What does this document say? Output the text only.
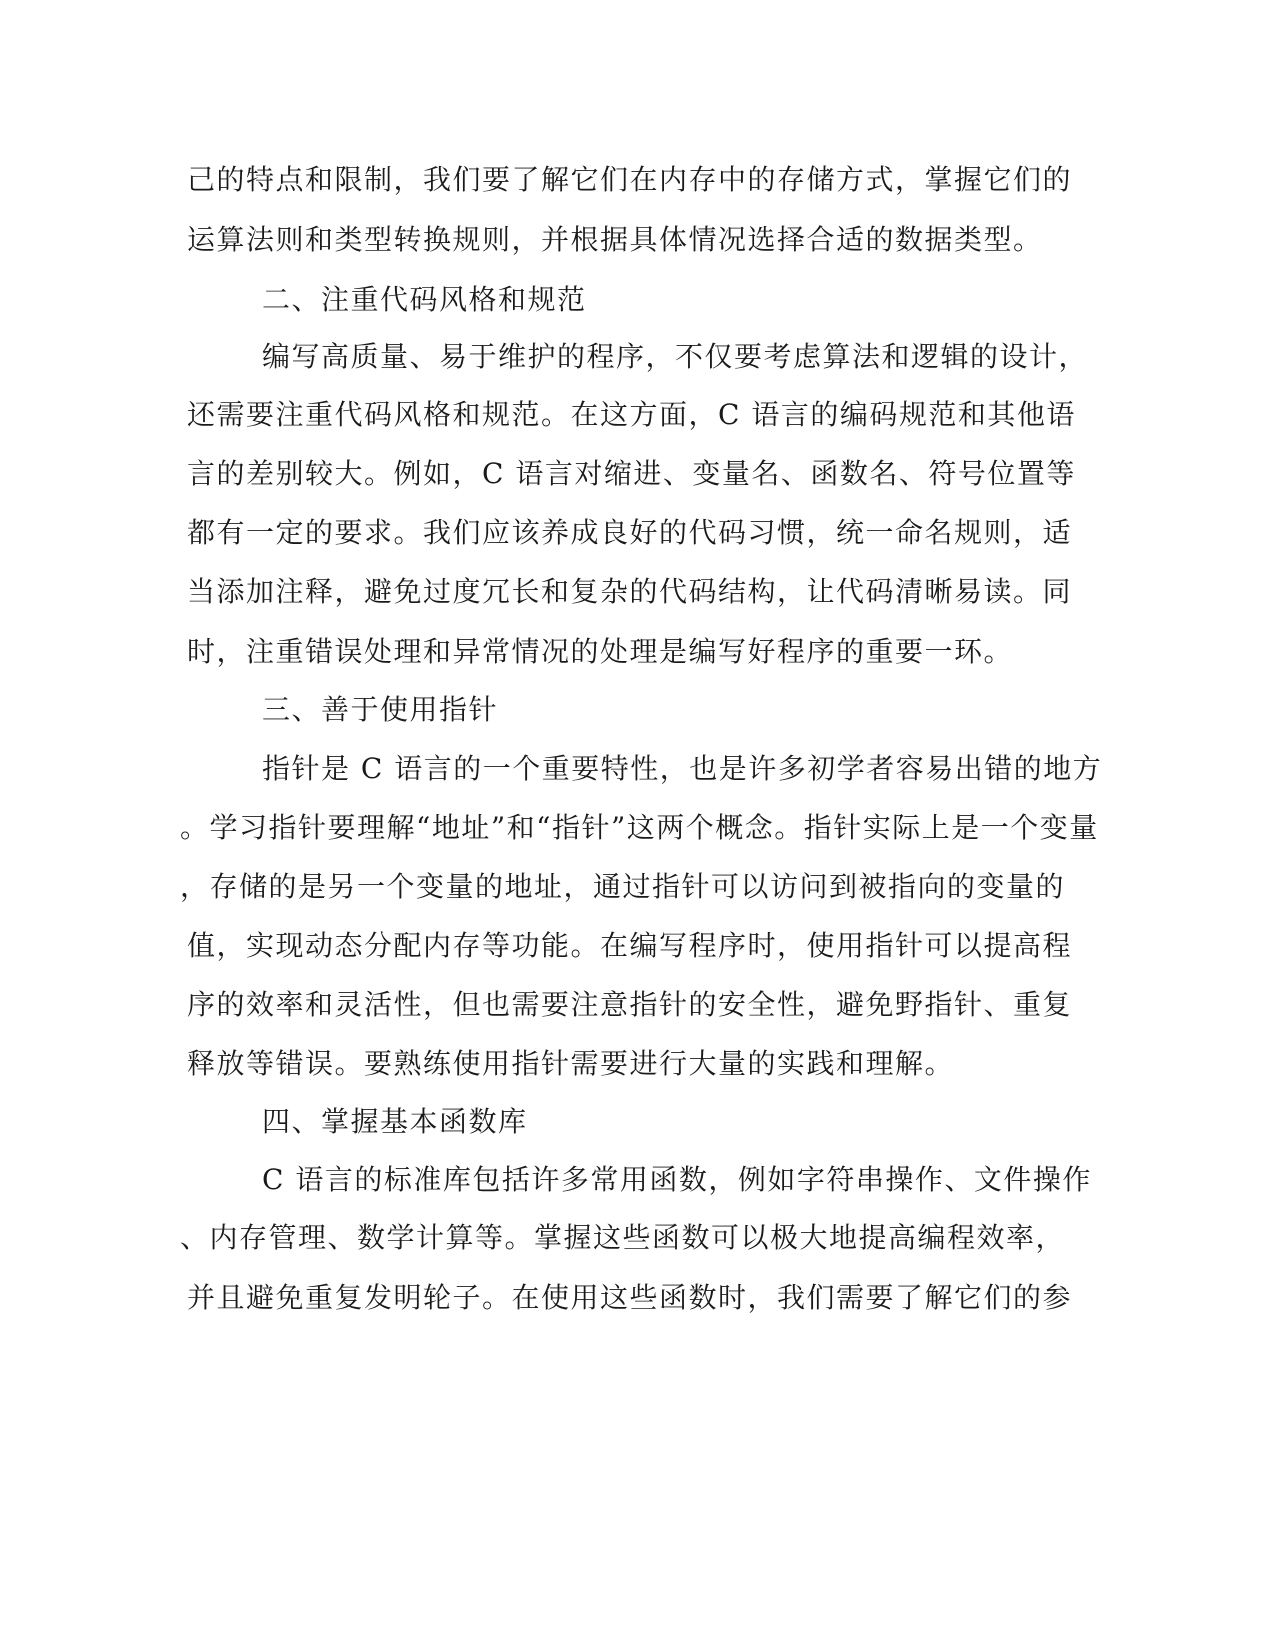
己的特点和限制，我们要了解它们在内存中的存储方式，掌握它们的

运算法则和类型转换规则，并根据具体情况选择合适的数据类型。

二、注重代码风格和规范

编写高质量、易于维护的程序，不仅要考虑算法和逻辑的设计，

还需要注重代码风格和规范。在这方面，C 语言的编码规范和其他语

言的差别较大。例如，C 语言对缩进、变量名、函数名、符号位置等

都有一定的要求。我们应该养成良好的代码习惯，统一命名规则，适

当添加注释，避免过度冗长和复杂的代码结构，让代码清晰易读。同

时，注重错误处理和异常情况的处理是编写好程序的重要一环。

三、善于使用指针

指针是 C 语言的一个重要特性，也是许多初学者容易出错的地方

。学习指针要理解“地址”和“指针”这两个概念。指针实际上是一个变量

，存储的是另一个变量的地址，通过指针可以访问到被指向的变量的

值，实现动态分配内存等功能。在编写程序时，使用指针可以提高程

序的效率和灵活性，但也需要注意指针的安全性，避免野指针、重复

释放等错误。要熟练使用指针需要进行大量的实践和理解。

四、掌握基本函数库

C 语言的标准库包括许多常用函数，例如字符串操作、文件操作

、内存管理、数学计算等。掌握这些函数可以极大地提高编程效率，

并且避免重复发明轮子。在使用这些函数时，我们需要了解它们的参
